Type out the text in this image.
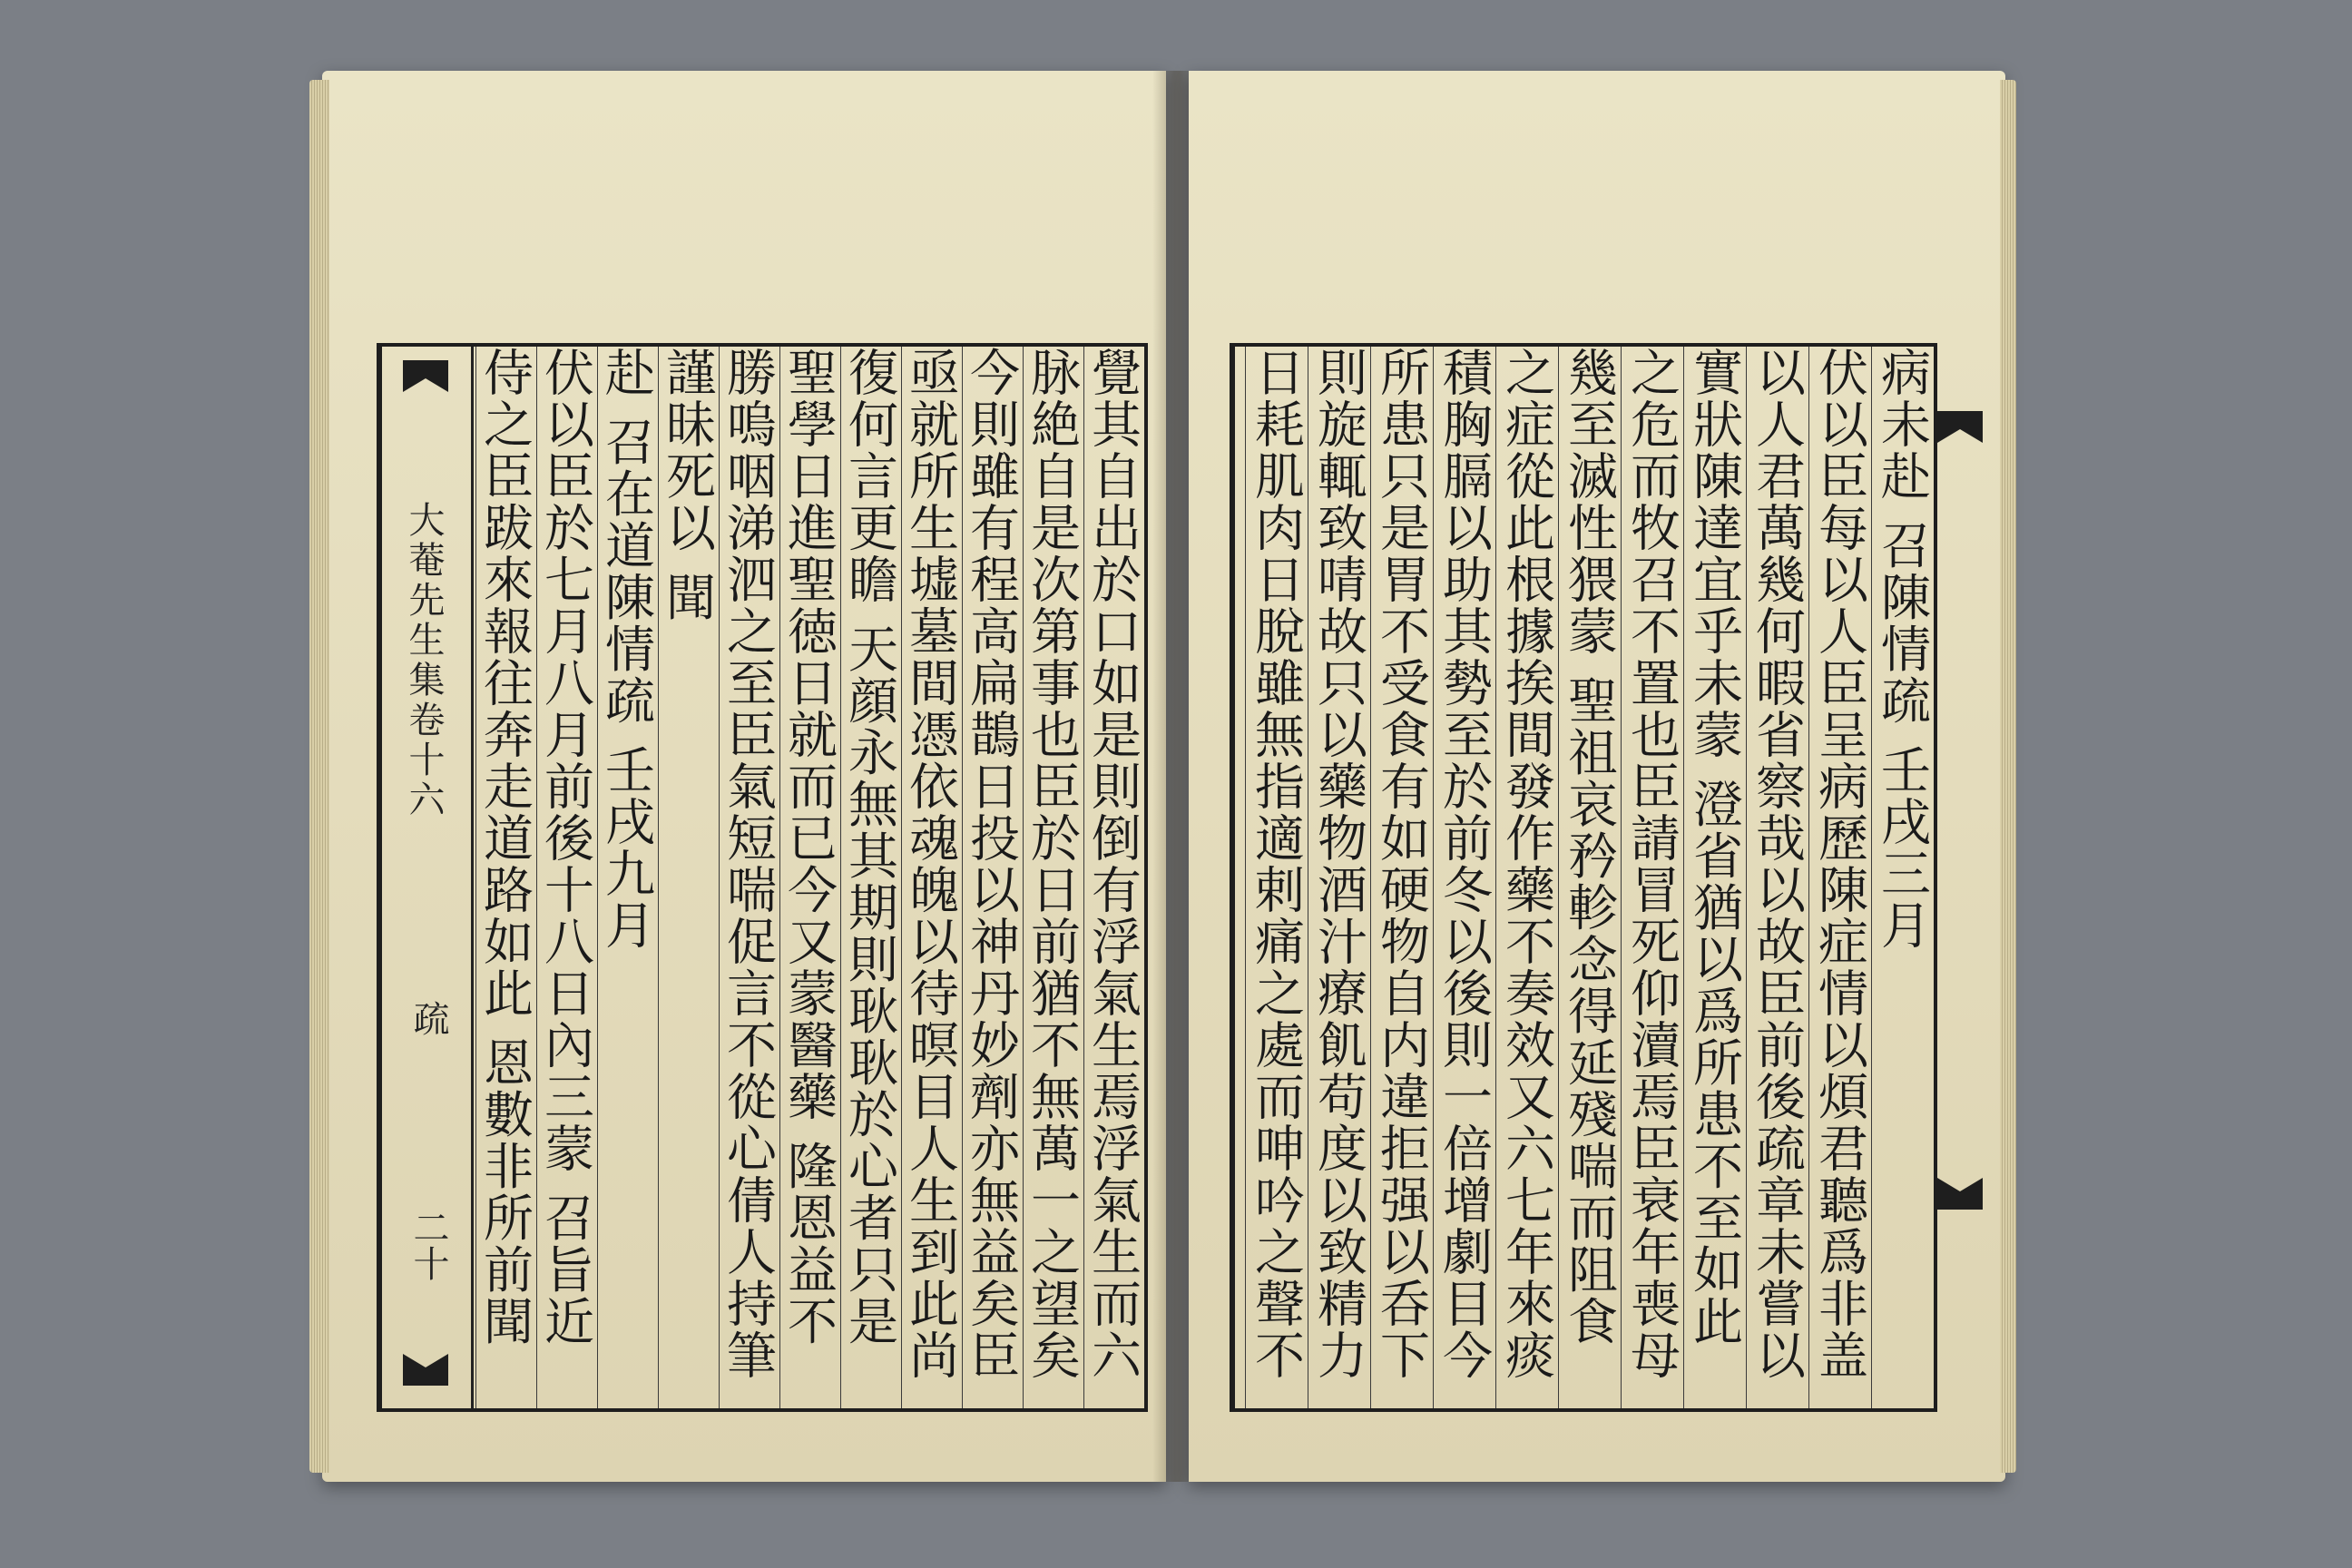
大菴先生集卷十六
疏
二十	覺其自出於口如是則倒有浮氣生焉浮氣生而六
脉絶自是次第事也臣於日前猶不無萬一之望矣
今則雖有程高扁鵲日投以神丹妙劑亦無益矣臣
亟就所生墟墓間憑依魂魄以待暝目人生到此尚
復何言更瞻 天顔永無其期則耿耿於心者只是
聖學日進聖徳日就而已今又蒙醫藥 隆恩益不
勝嗚咽涕泗之至臣氣短喘促言不從心倩人持筆
謹昧死以 聞
赴 召在道陳情疏 壬戌九月
伏以臣於七月八月前後十八日內三蒙 召旨近
侍之臣跋來報往奔走道路如此 恩數非所前聞	病未赴 召陳情疏 壬戌三月
伏以臣每以人臣呈病歷陳症情以煩君聽爲非盖
以人君萬幾何暇省察哉以故臣前後疏章未嘗以
實狀陳達宜乎未蒙 澄省猶以爲所患不至如此
之危而牧召不置也臣請冒死仰瀆焉臣衰年喪母
幾至滅性猥蒙 聖祖哀矜軫念得延殘喘而阻食
之症從此根據挨間發作藥不奏效又六七年來痰
積胸膈以助其勢至於前冬以後則一倍增劇目今
所患只是胃不受食有如硬物自内違拒强以呑下
則旋輒致啨故只以藥物酒汁療飢苟度以致精力
日耗肌肉日脫雖無指適剌痛之處而呻吟之聲不
